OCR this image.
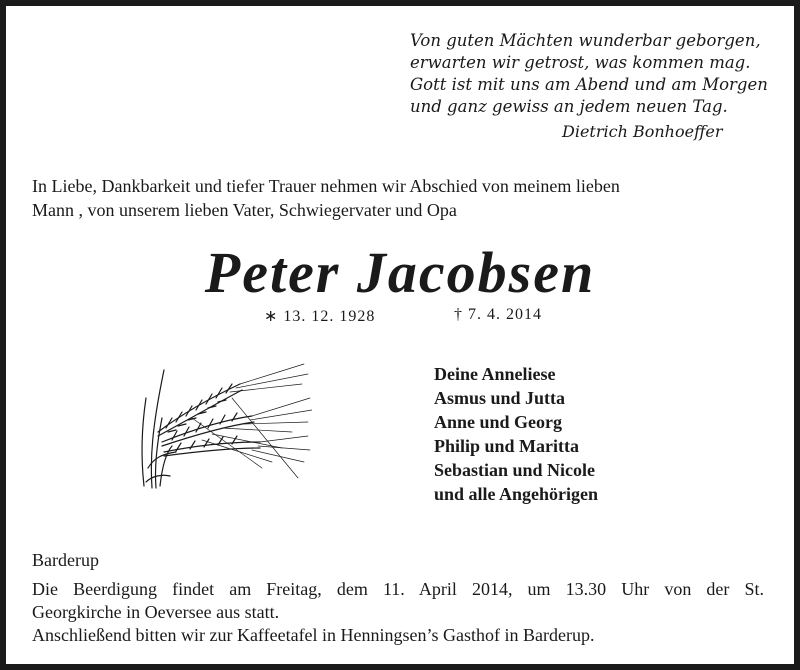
Von guten Mächten wunderbar geborgen,
erwarten wir getrost, was kommen mag.
Gott ist mit uns am Abend und am Morgen
und ganz gewiss an jedem neuen Tag.
Dietrich Bonhoeffer
In Liebe, Dankbarkeit und tiefer Trauer nehmen wir Abschied von meinem lieben
Mann , von unserem lieben Vater, Schwiegervater und Opa
Peter Jacobsen
∗ 13. 12. 1928	† 7. 4. 2014
Deine Anneliese
Asmus und Jutta
Anne und Georg
Philip und Maritta
Sebastian und Nicole
und alle Angehörigen
Barderup
Die Beerdigung findet am Freitag, dem 11. April 2014, um 13.30 Uhr von der St.
Georgkirche in Oeversee aus statt.
Anschließend bitten wir zur Kaffeetafel in Henningsen’s Gasthof in Barderup.
